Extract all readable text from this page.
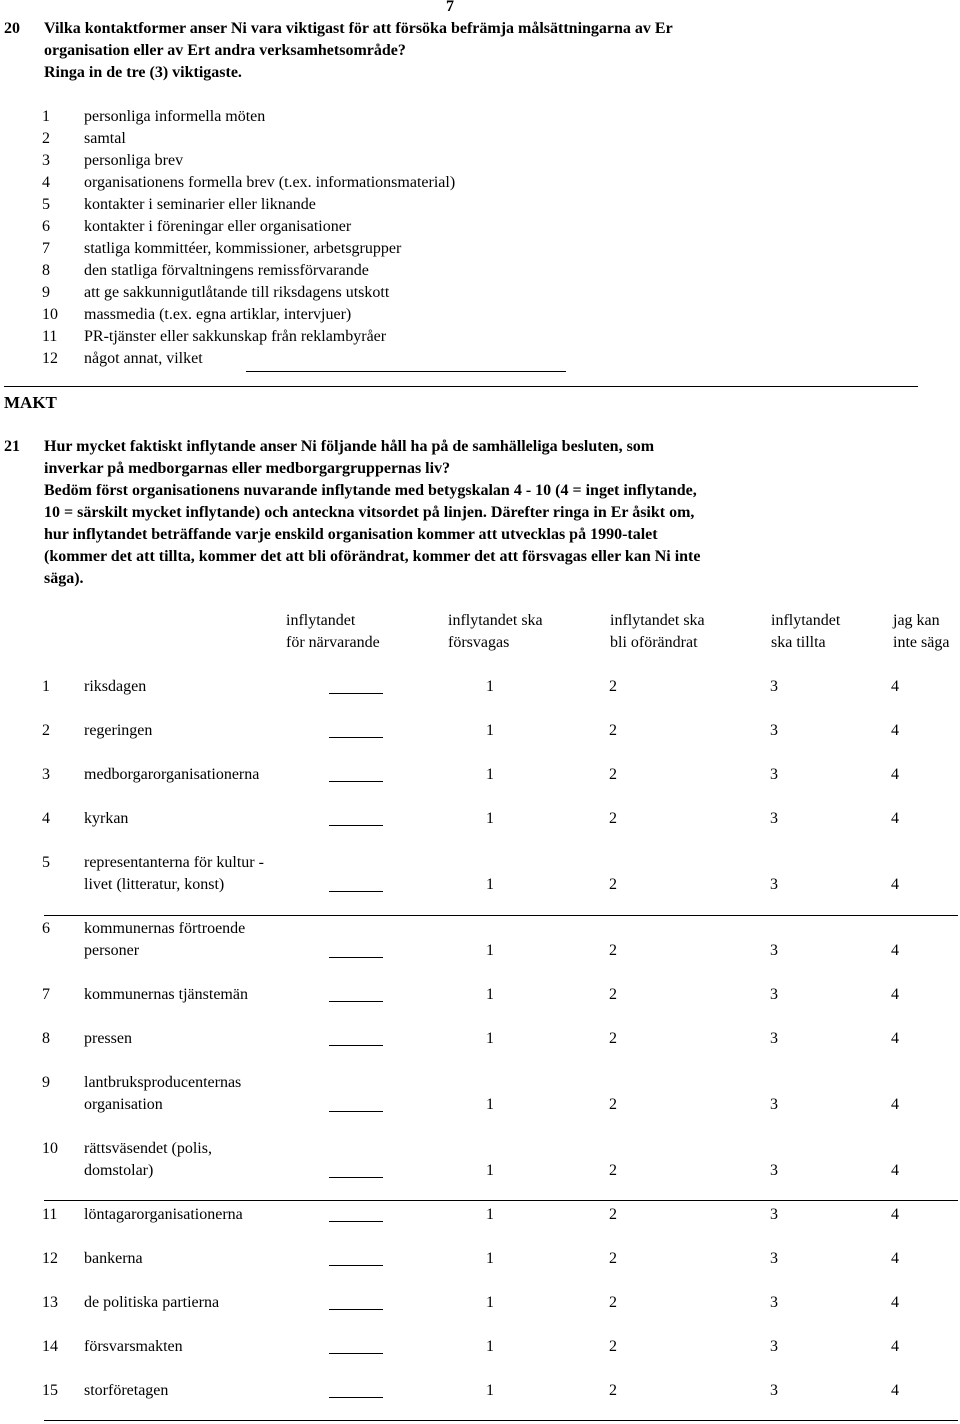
7
20 Vilka kontaktformer anser Ni vara viktigast för att försöka befrämja målsättningarna av Er
organisation eller av Ert andra verksamhetsområde?
Ringa in de tre (3) viktigaste.
1 personliga informella möten
2 samtal
3 personliga brev
4 organisationens formella brev (t.ex. informationsmaterial)
5 kontakter i seminarier eller liknande
6 kontakter i föreningar eller organisationer
7 statliga kommittéer, kommissioner, arbetsgrupper
8 den statliga förvaltningens remissförvarande
9 att ge sakkunnigutlåtande till riksdagens utskott
10 massmedia (t.ex. egna artiklar, intervjuer)
11 PR-tjänster eller sakkunskap från reklambyråer
12 något annat, vilket
MAKT
21 Hur mycket faktiskt inflytande anser Ni följande håll ha på de samhälleliga besluten, som
inverkar på medborgarnas eller medborgargruppernas liv?
Bedöm först organisationens nuvarande inflytande med betygskalan 4 - 10 (4 = inget inflytande,
10 = särskilt mycket inflytande) och anteckna vitsordet på linjen. Därefter ringa in Er åsikt om,
hur inflytandet beträffande varje enskild organisation kommer att utvecklas på 1990-talet
(kommer det att tillta, kommer det att bli oförändrat, kommer det att försvagas eller kan Ni inte
säga).
inflytandet
för närvarande
inflytandet ska
försvagas
inflytandet ska
bli oförändrat
inflytandet
ska tillta
jag kan
inte säga
1 riksdagen	1	2	3	4
2 regeringen	1	2	3	4
3 medborgarorganisationerna	1	2	3	4
4 kyrkan	1	2	3	4
5 representanterna för kultur -
livet (litteratur, konst)	1	2	3	4
6 kommunernas förtroende
personer	1	2	3	4
7 kommunernas tjänstemän	1	2	3	4
8 pressen	1	2	3	4
9 lantbruksproducenternas
organisation	1	2	3	4
10 rättsväsendet (polis,
domstolar)	1	2	3	4
11 löntagarorganisationerna	1	2	3	4
12 bankerna	1	2	3	4
13 de politiska partierna	1	2	3	4
14 försvarsmakten	1	2	3	4
15 storföretagen	1	2	3	4
